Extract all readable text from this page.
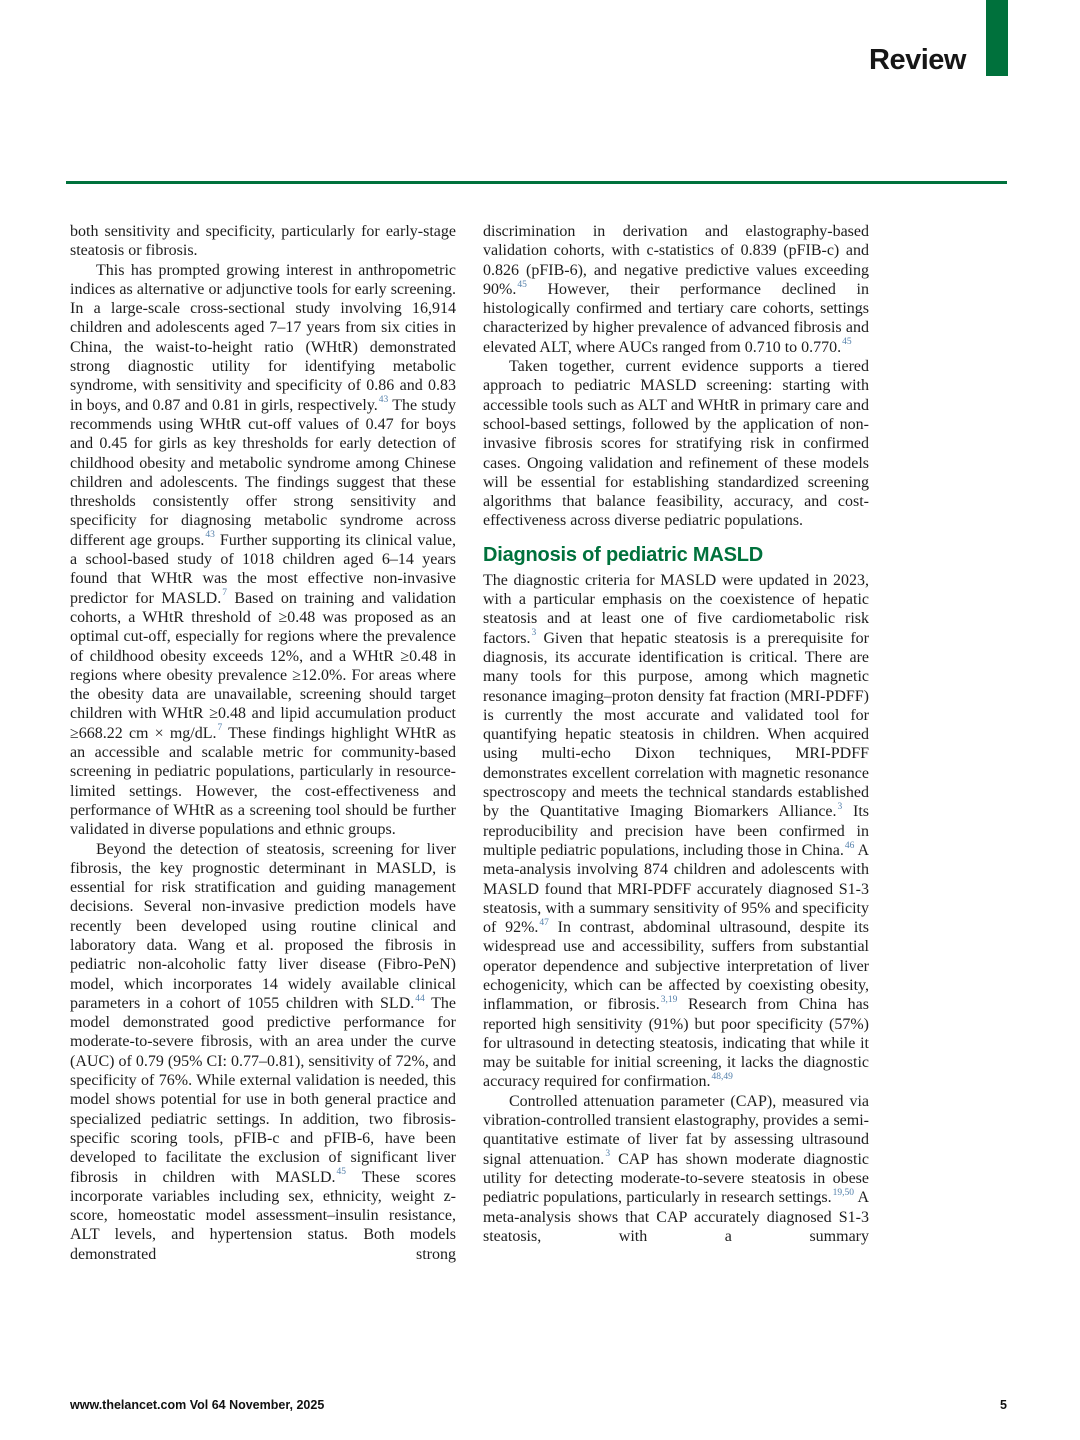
Review

both sensitivity and specificity, particularly for early-stage steatosis or fibrosis.

This has prompted growing interest in anthropometric indices as alternative or adjunctive tools for early screening. In a large-scale cross-sectional study involving 16,914 children and adolescents aged 7–17 years from six cities in China, the waist-to-height ratio (WHtR) demonstrated strong diagnostic utility for identifying metabolic syndrome, with sensitivity and specificity of 0.86 and 0.83 in boys, and 0.87 and 0.81 in girls, respectively.$^{43}$ The study recommends using WHtR cut-off values of 0.47 for boys and 0.45 for girls as key thresholds for early detection of childhood obesity and metabolic syndrome among Chinese children and adolescents. The findings suggest that these thresholds consistently offer strong sensitivity and specificity for diagnosing metabolic syndrome across different age groups.$^{43}$ Further supporting its clinical value, a school-based study of 1018 children aged 6–14 years found that WHtR was the most effective non-invasive predictor for MASLD.$^7$ Based on training and validation cohorts, a WHtR threshold of ≥0.48 was proposed as an optimal cut-off, especially for regions where the prevalence of childhood obesity exceeds 12%, and a WHtR ≥0.48 in regions where obesity prevalence ≥12.0%. For areas where the obesity data are unavailable, screening should target children with WHtR ≥0.48 and lipid accumulation product ≥668.22 cm × mg/dL.$^7$ These findings highlight WHtR as an accessible and scalable metric for community-based screening in pediatric populations, particularly in resource-limited settings. However, the cost-effectiveness and performance of WHtR as a screening tool should be further validated in diverse populations and ethnic groups.

Beyond the detection of steatosis, screening for liver fibrosis, the key prognostic determinant in MASLD, is essential for risk stratification and guiding management decisions. Several non-invasive prediction models have recently been developed using routine clinical and laboratory data. Wang et al. proposed the fibrosis in pediatric non-alcoholic fatty liver disease (Fibro-PeN) model, which incorporates 14 widely available clinical parameters in a cohort of 1055 children with SLD.$^{44}$ The model demonstrated good predictive performance for moderate-to-severe fibrosis, with an area under the curve (AUC) of 0.79 (95% CI: 0.77–0.81), sensitivity of 72%, and specificity of 76%. While external validation is needed, this model shows potential for use in both general practice and specialized pediatric settings. In addition, two fibrosis-specific scoring tools, pFIB-c and pFIB-6, have been developed to facilitate the exclusion of significant liver fibrosis in children with MASLD.$^{45}$ These scores incorporate variables including sex, ethnicity, weight z-score, homeostatic model assessment–insulin resistance, ALT levels, and hypertension status. Both models demonstrated strong

discrimination in derivation and elastography-based validation cohorts, with c-statistics of 0.839 (pFIB-c) and 0.826 (pFIB-6), and negative predictive values exceeding 90%.$^{45}$ However, their performance declined in histologically confirmed and tertiary care cohorts, settings characterized by higher prevalence of advanced fibrosis and elevated ALT, where AUCs ranged from 0.710 to 0.770.45

Taken together, current evidence supports a tiered approach to pediatric MASLD screening: starting with accessible tools such as ALT and WHtR in primary care and school-based settings, followed by the application of non-invasive fibrosis scores for stratifying risk in confirmed cases. Ongoing validation and refinement of these models will be essential for establishing standardized screening algorithms that balance feasibility, accuracy, and cost-effectiveness across diverse pediatric populations.

Diagnosis of pediatric MASLD

The diagnostic criteria for MASLD were updated in 2023, with a particular emphasis on the coexistence of hepatic steatosis and at least one of five cardiometabolic risk factors.$^3$ Given that hepatic steatosis is a prerequisite for diagnosis, its accurate identification is critical. There are many tools for this purpose, among which magnetic resonance imaging–proton density fat fraction (MRI-PDFF) is currently the most accurate and validated tool for quantifying hepatic steatosis in children. When acquired using multi-echo Dixon techniques, MRI-PDFF demonstrates excellent correlation with magnetic resonance spectroscopy and meets the technical standards established by the Quantitative Imaging Biomarkers Alliance.$^3$ Its reproducibility and precision have been confirmed in multiple pediatric populations, including those in China.$^{46}$ A meta-analysis involving 874 children and adolescents with MASLD found that MRI-PDFF accurately diagnosed S1-3 steatosis, with a summary sensitivity of 95% and specificity of 92%.$^{47}$ In contrast, abdominal ultrasound, despite its widespread use and accessibility, suffers from substantial operator dependence and subjective interpretation of liver echogenicity, which can be affected by coexisting obesity, inflammation, or fibrosis.$^{3,19}$ Research from China has reported high sensitivity (91%) but poor specificity (57%) for ultrasound in detecting steatosis, indicating that while it may be suitable for initial screening, it lacks the diagnostic accuracy required for confirmation.$^{48,49}$

Controlled attenuation parameter (CAP), measured via vibration-controlled transient elastography, provides a semi-quantitative estimate of liver fat by assessing ultrasound signal attenuation.$^3$ CAP has shown moderate diagnostic utility for detecting moderate-to-severe steatosis in obese pediatric populations, particularly in research settings.$^{19,50}$ A meta-analysis shows that CAP accurately diagnosed S1-3 steatosis, with a summary

www.thelancet.com Vol 64 November, 2025	5
